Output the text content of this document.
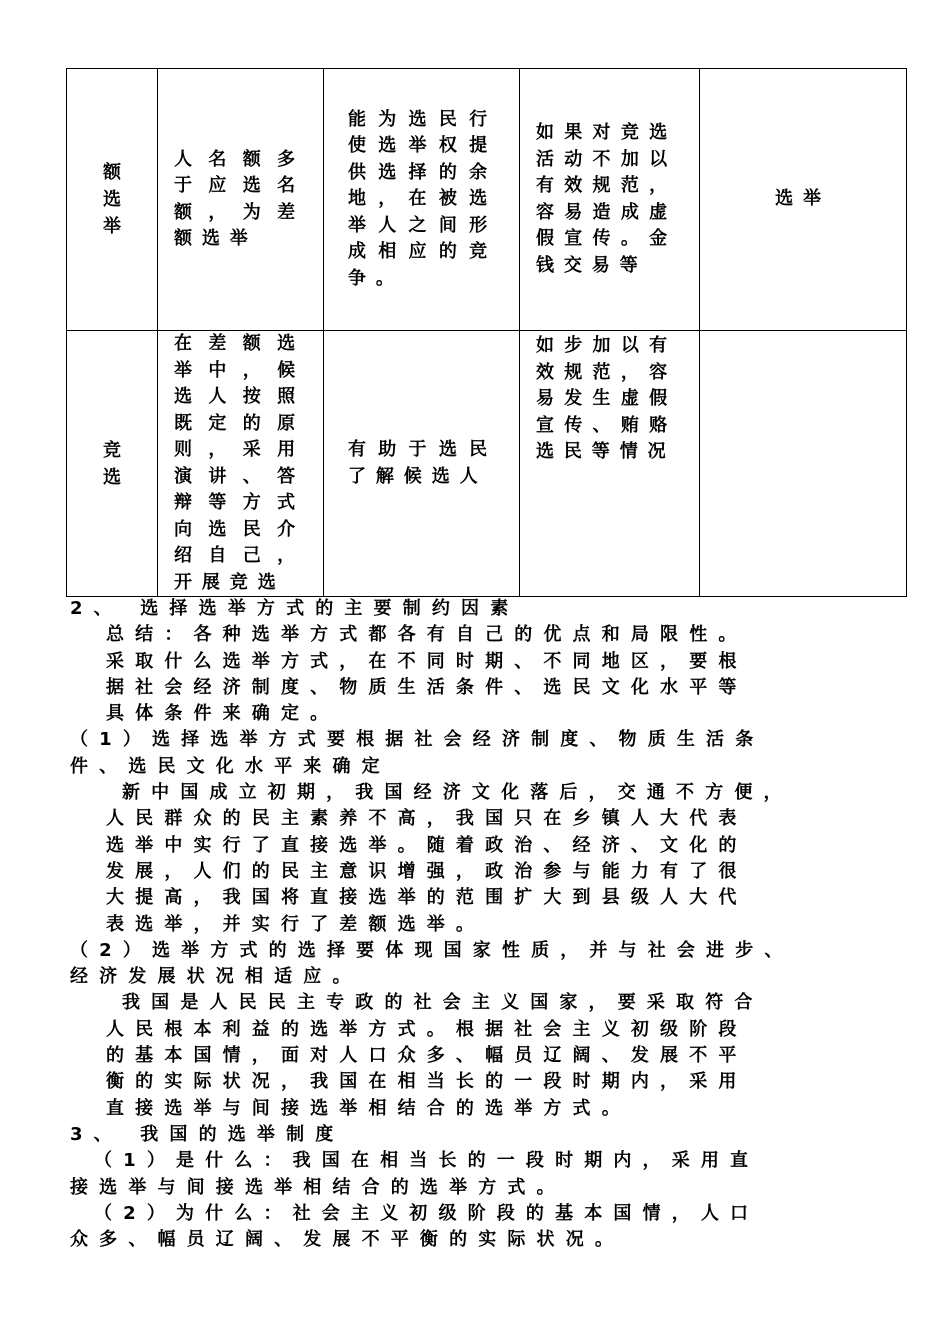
额选举	人名额多于应选名额，为差额选举	能为选民行使选举权提供选择的余地，在被选举人之间形成相应的竞争。	如果对竞选活动不加以有效规范，容易造成虚假宣传。金钱交易等	选举

竞选	在差额选举中，候选人按照既定的原则，采用演讲、答辩等方式向选民介绍自己，开展竞选	有助于选民了解候选人	如步加以有效规范，容易发生虚假宣传、贿赂选民等情况	

2、 选择选举方式的主要制约因素

总结：各种选举方式都各有自己的优点和局限性。

采取什么选举方式，在不同时期、不同地区，要根

据社会经济制度、物质生活条件、选民文化水平等

具体条件来确定。

（1）选择选举方式要根据社会经济制度、物质生活条

件、选民文化水平来确定

新中国成立初期，我国经济文化落后，交通不方便，

人民群众的民主素养不高，我国只在乡镇人大代表

选举中实行了直接选举。随着政治、经济、文化的

发展，人们的民主意识增强，政治参与能力有了很

大提高，我国将直接选举的范围扩大到县级人大代

表选举，并实行了差额选举。

（2）选举方式的选择要体现国家性质，并与社会进步、

经济发展状况相适应。

我国是人民民主专政的社会主义国家，要采取符合

人民根本利益的选举方式。根据社会主义初级阶段

的基本国情，面对人口众多、幅员辽阔、发展不平

衡的实际状况，我国在相当长的一段时期内，采用

直接选举与间接选举相结合的选举方式。

3、 我国的选举制度

（1）是什么：我国在相当长的一段时期内，采用直

接选举与间接选举相结合的选举方式。

（2）为什么：社会主义初级阶段的基本国情，人口

众多、幅员辽阔、发展不平衡的实际状况。
